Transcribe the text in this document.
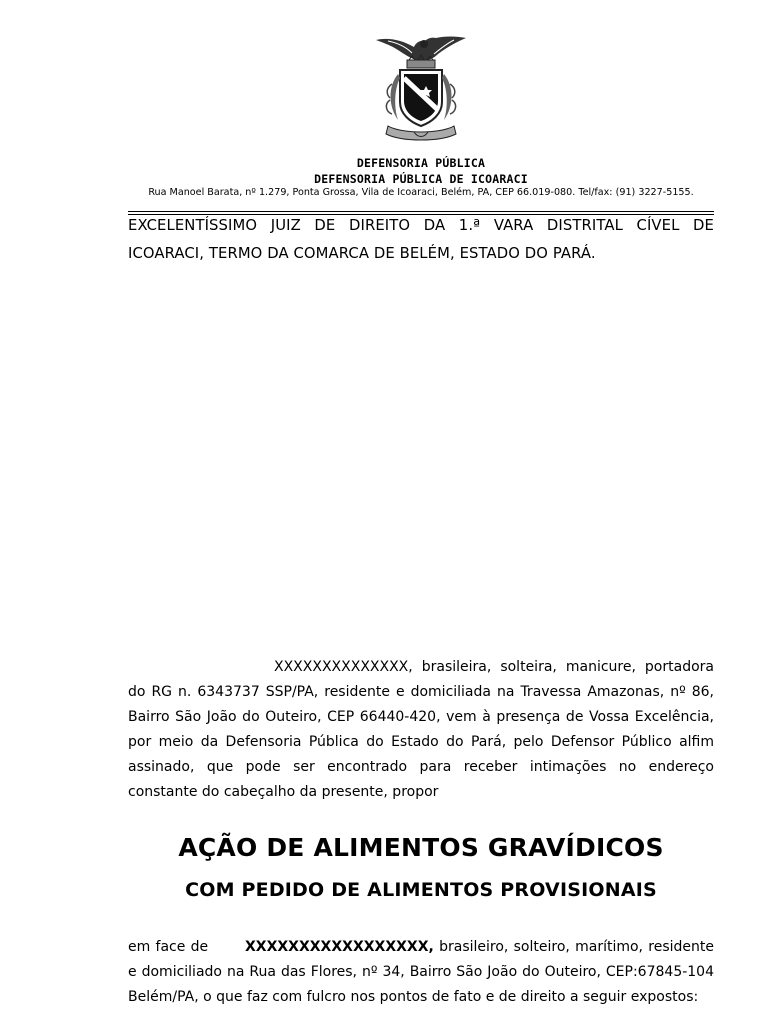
DEFENSORIA PÚBLICA
DEFENSORIA PÚBLICA DE ICOARACI
Rua Manoel Barata, nº 1.279, Ponta Grossa, Vila de Icoaraci, Belém, PA, CEP 66.019-080. Tel/fax: (91) 3227-5155.
EXCELENTÍSSIMO JUIZ DE DIREITO DA 1.ª VARA DISTRITAL CÍVEL DE ICOARACI, TERMO DA COMARCA DE BELÉM, ESTADO DO PARÁ.
XXXXXXXXXXXXXX, brasileira, solteira, manicure, portadora do RG n. 6343737 SSP/PA, residente e domiciliada na Travessa Amazonas, nº 86, Bairro São João do Outeiro, CEP 66440-420, vem à presença de Vossa Excelência, por meio da Defensoria Pública do Estado do Pará, pelo Defensor Público alfim assinado, que pode ser encontrado para receber intimações no endereço constante do cabeçalho da presente, propor
AÇÃO DE ALIMENTOS GRAVÍDICOS
COM PEDIDO DE ALIMENTOS PROVISIONAIS
em face de	XXXXXXXXXXXXXXXXX, brasileiro, solteiro, marítimo, residente e domiciliado na Rua das Flores, nº 34, Bairro São João do Outeiro, CEP:67845-104 Belém/PA, o que faz com fulcro nos pontos de fato e de direito a seguir expostos:
